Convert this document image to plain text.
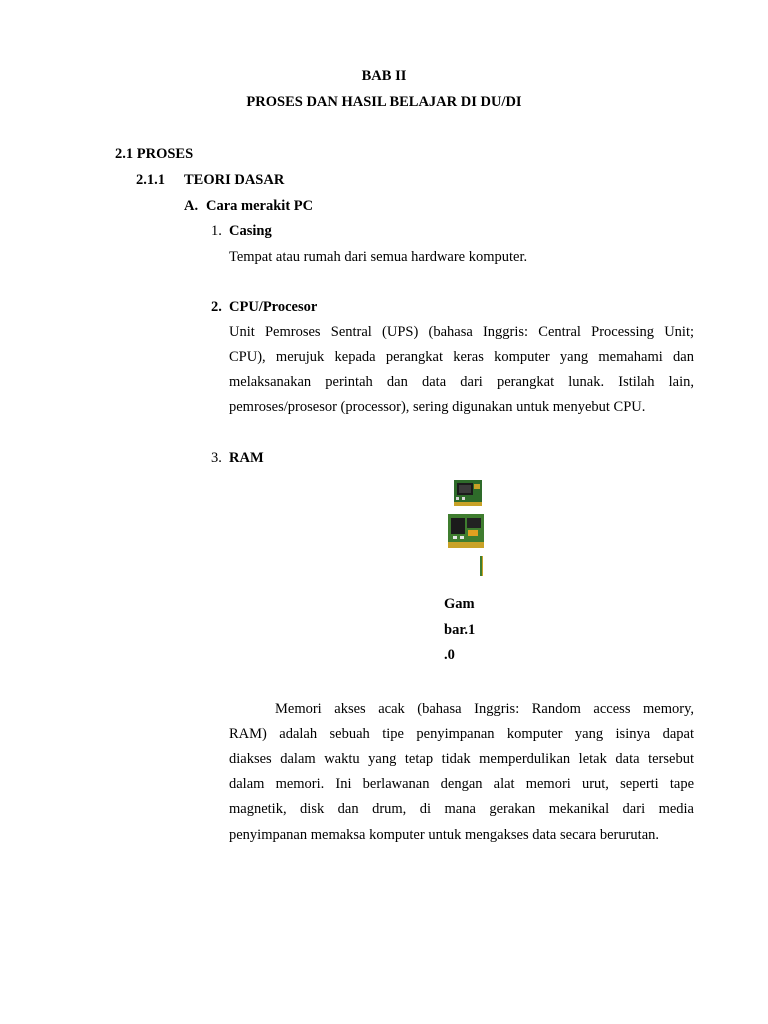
BAB II
PROSES DAN HASIL BELAJAR DI DU/DI
2.1 PROSES
2.1.1 TEORI DASAR
A. Cara merakit PC
1. Casing
Tempat atau rumah dari semua hardware komputer.
2. CPU/Procesor
Unit Pemroses Sentral (UPS) (bahasa Inggris: Central Processing Unit;
CPU), merujuk kepada perangkat keras komputer yang memahami dan
melaksanakan perintah dan data dari perangkat lunak. Istilah lain,
pemroses/prosesor (processor), sering digunakan untuk menyebut CPU.
3. RAM
Gam
bar.1
.0
Memori akses acak (bahasa Inggris: Random access memory,
RAM) adalah sebuah tipe penyimpanan komputer yang isinya dapat
diakses dalam waktu yang tetap tidak memperdulikan letak data tersebut
dalam memori. Ini berlawanan dengan alat memori urut, seperti tape
magnetik, disk dan drum, di mana gerakan mekanikal dari media
penyimpanan memaksa komputer untuk mengakses data secara berurutan.
